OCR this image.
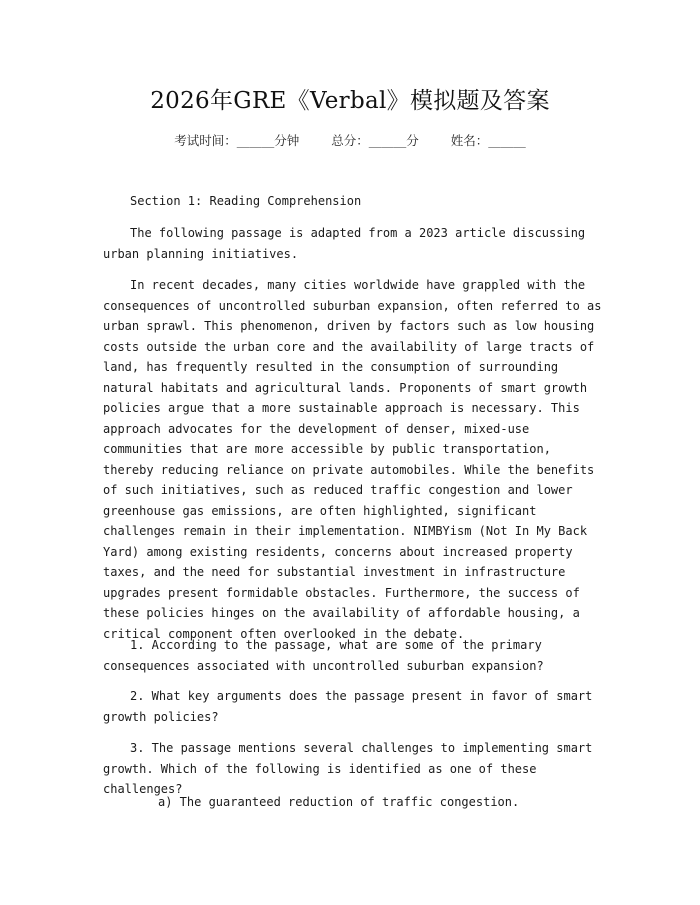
2026年GRE《Verbal》模拟题及答案
考试时间：______分钟	总分：______分	姓名：______

Section 1: Reading Comprehension

The following passage is adapted from a 2023 article discussing urban planning initiatives.

In recent decades, many cities worldwide have grappled with the consequences of uncontrolled suburban expansion, often referred to as urban sprawl. This phenomenon, driven by factors such as low housing costs outside the urban core and the availability of large tracts of land, has frequently resulted in the consumption of surrounding natural habitats and agricultural lands. Proponents of smart growth policies argue that a more sustainable approach is necessary. This approach advocates for the development of denser, mixed-use communities that are more accessible by public transportation, thereby reducing reliance on private automobiles. While the benefits of such initiatives, such as reduced traffic congestion and lower greenhouse gas emissions, are often highlighted, significant challenges remain in their implementation. NIMBYism (Not In My Back Yard) among existing residents, concerns about increased property taxes, and the need for substantial investment in infrastructure upgrades present formidable obstacles. Furthermore, the success of these policies hinges on the availability of affordable housing, a critical component often overlooked in the debate.

1. According to the passage, what are some of the primary consequences associated with uncontrolled suburban expansion?

2. What key arguments does the passage present in favor of smart growth policies?

3. The passage mentions several challenges to implementing smart growth. Which of the following is identified as one of these challenges?

a) The guaranteed reduction of traffic congestion.
